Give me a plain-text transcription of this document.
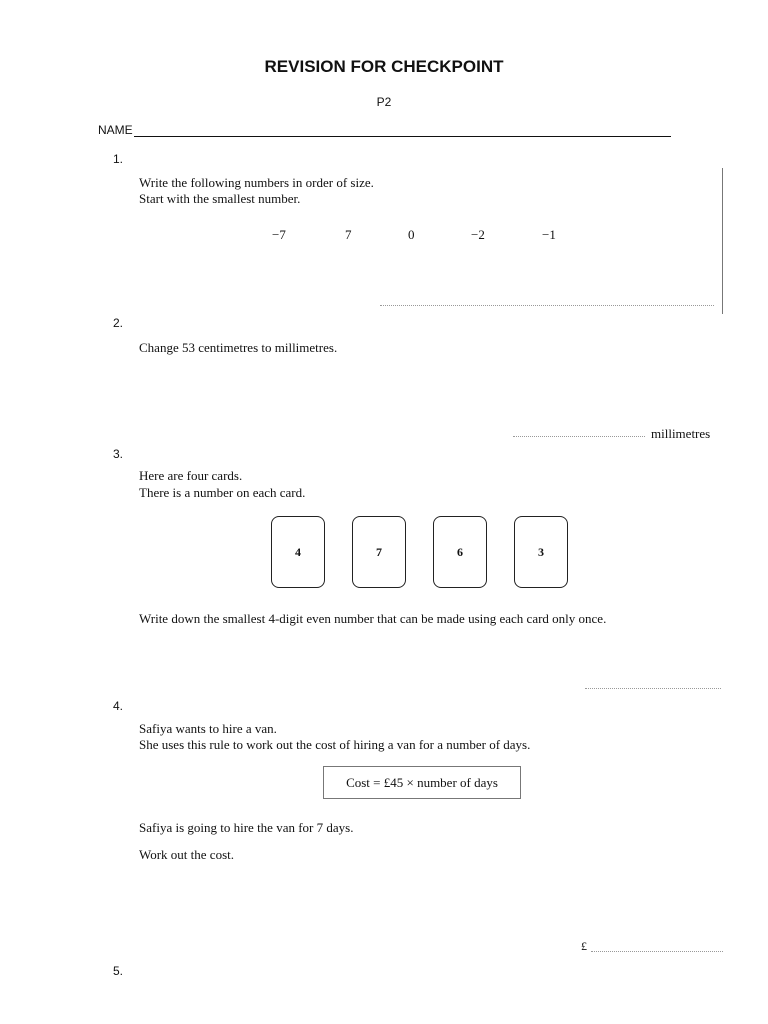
REVISION FOR CHECKPOINT
P2
NAME
1.
Write the following numbers in order of size.
Start with the smallest number.
−7	7	0	−2	−1
2.
Change 53 centimetres to millimetres.
millimetres
3.
Here are four cards.
There is a number on each card.
4	7	6	3
Write down the smallest 4-digit even number that can be made using each card only once.
4.
Safiya wants to hire a van.
She uses this rule to work out the cost of hiring a van for a number of days.
Cost = £45 × number of days
Safiya is going to hire the van for 7 days.
Work out the cost.
£
5.
